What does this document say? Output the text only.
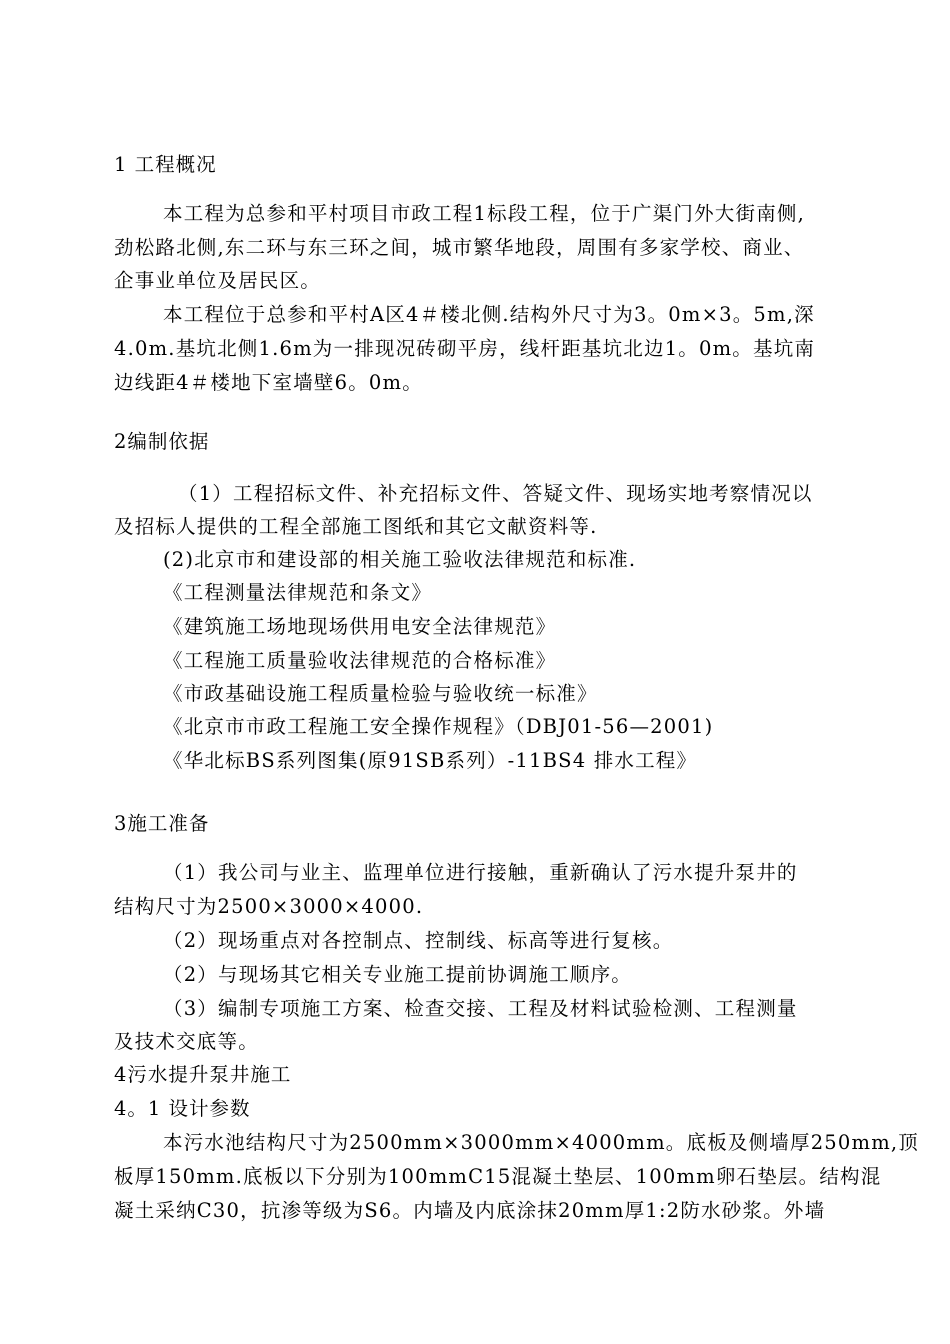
1 工程概况
本工程为总参和平村项目市政工程1标段工程，位于广渠门外大街南侧,
劲松路北侧,东二环与东三环之间，城市繁华地段，周围有多家学校、商业、
企事业单位及居民区。
本工程位于总参和平村A区4＃楼北侧.结构外尺寸为3。0m×3。5m,深
4.0m.基坑北侧1.6m为一排现况砖砌平房，线杆距基坑北边1。0m。基坑南
边线距4＃楼地下室墙壁6。0m。
2编制依据
（1）工程招标文件、补充招标文件、答疑文件、现场实地考察情况以
及招标人提供的工程全部施工图纸和其它文献资料等.
(2)北京市和建设部的相关施工验收法律规范和标准.
《工程测量法律规范和条文》
《建筑施工场地现场供用电安全法律规范》
《工程施工质量验收法律规范的合格标准》
《市政基础设施工程质量检验与验收统一标准》
《北京市市政工程施工安全操作规程》（DBJ01-56—2001)
《华北标BS系列图集(原91SB系列）-11BS4 排水工程》
3施工准备
（1）我公司与业主、监理单位进行接触，重新确认了污水提升泵井的
结构尺寸为2500×3000×4000.
（2）现场重点对各控制点、控制线、标高等进行复核。
（2）与现场其它相关专业施工提前协调施工顺序。
（3）编制专项施工方案、检查交接、工程及材料试验检测、工程测量
及技术交底等。
4污水提升泵井施工
4。1 设计参数
本污水池结构尺寸为2500mm×3000mm×4000mm。底板及侧墙厚250mm,顶
板厚150mm.底板以下分别为100mmC15混凝土垫层、100mm卵石垫层。结构混
凝土采纳C30，抗渗等级为S6。内墙及内底涂抹20mm厚1:2防水砂浆。外墙
